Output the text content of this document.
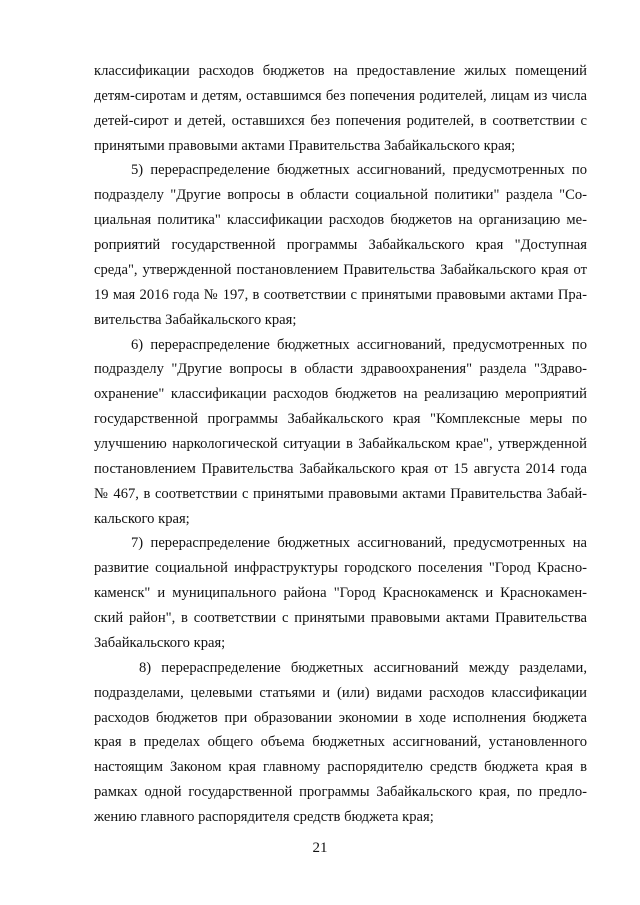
21
классификации расходов бюджетов на предоставление жилых помещений
детям-сиротам и детям, оставшимся без попечения родителей, лицам из числа
детей-сирот и детей, оставшихся без попечения родителей, в соответствии с
принятыми правовыми актами Правительства Забайкальского края;
5) перераспределение бюджетных ассигнований, предусмотренных по
подразделу "Другие вопросы в области социальной политики" раздела "Со-
циальная политика" классификации расходов бюджетов на организацию ме-
роприятий государственной программы Забайкальского края "Доступная
среда", утвержденной постановлением Правительства Забайкальского края от
19 мая 2016 года № 197, в соответствии с принятыми правовыми актами Пра-
вительства Забайкальского края;
6) перераспределение бюджетных ассигнований, предусмотренных по
подразделу "Другие вопросы в области здравоохранения" раздела "Здраво-
охранение" классификации расходов бюджетов на реализацию мероприятий
государственной программы Забайкальского края "Комплексные меры по
улучшению наркологической ситуации в Забайкальском крае", утвержденной
постановлением Правительства Забайкальского края от 15 августа 2014 года
№ 467, в соответствии с принятыми правовыми актами Правительства Забай-
кальского края;
7) перераспределение бюджетных ассигнований, предусмотренных на
развитие социальной инфраструктуры городского поселения "Город Красно-
каменск" и муниципального района "Город Краснокаменск и Краснокамен-
ский район", в соответствии с принятыми правовыми актами Правительства
Забайкальского края;
8) перераспределение бюджетных ассигнований между разделами,
подразделами, целевыми статьями и (или) видами расходов классификации
расходов бюджетов при образовании экономии в ходе исполнения бюджета
края в пределах общего объема бюджетных ассигнований, установленного
настоящим Законом края главному распорядителю средств бюджета края в
рамках одной государственной программы Забайкальского края, по предло-
жению главного распорядителя средств бюджета края;
